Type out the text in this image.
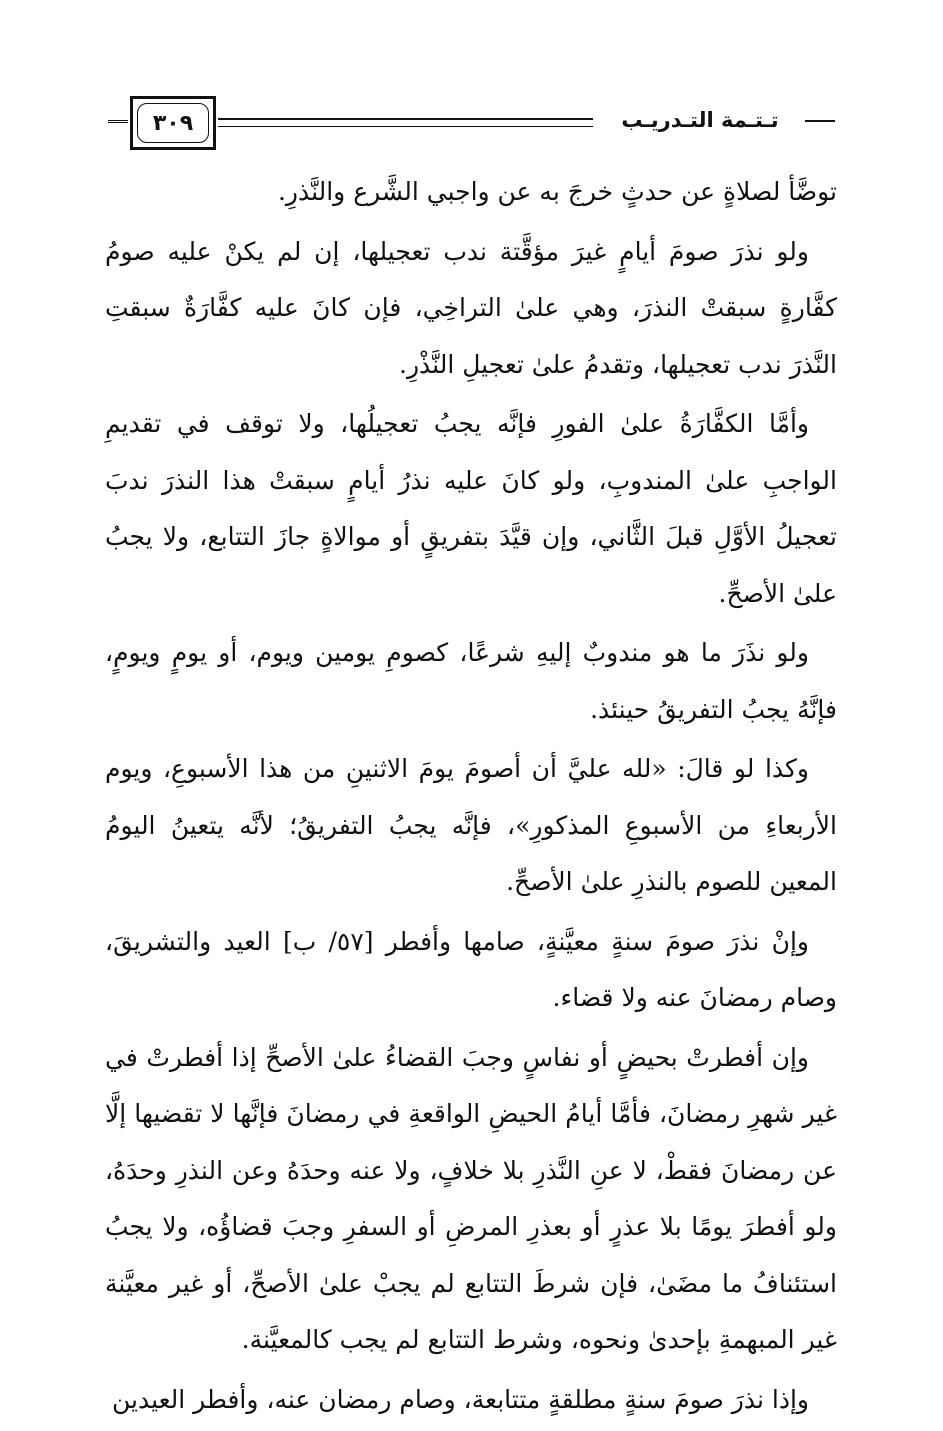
٣٠٩	تـتـمة التـدريـب

توضَّأ لصلاةٍ عن حدثٍ خرجَ به عن واجبي الشَّرع والنَّذرِ.

ولو نذرَ صومَ أيامٍ غيرَ مؤقَّتة ندب تعجيلها، إن لم يكنْ عليه صومُ كفَّارةٍ سبقتْ النذرَ، وهي علىٰ التراخِي، فإن كانَ عليه كفَّارَةٌ سبقتِ النَّذرَ ندب تعجيلها، وتقدمُ علىٰ تعجيلِ النَّذْرِ.

وأمَّا الكفَّارَةُ علىٰ الفورِ فإنَّه يجبُ تعجيلُها، ولا توقف في تقديمِ الواجبِ علىٰ المندوبِ، ولو كانَ عليه نذرُ أيامٍ سبقتْ هذا النذرَ ندبَ تعجيلُ الأوَّلِ قبلَ الثَّاني، وإن قيَّدَ بتفريقٍ أو موالاةٍ جازَ التتابع، ولا يجبُ علىٰ الأصحِّ.

ولو نذَرَ ما هو مندوبٌ إليهِ شرعًا، كصومِ يومين ويوم، أو يومٍ ويومٍ، فإنَّهُ يجبُ التفريقُ حينئذ.

وكذا لو قالَ: «لله عليَّ أن أصومَ يومَ الاثنينِ من هذا الأسبوعِ، ويوم الأربعاءِ من الأسبوعِ المذكورِ»، فإنَّه يجبُ التفريقُ؛ لأنَّه يتعينُ اليومُ المعين للصوم بالنذرِ علىٰ الأصحِّ.

وإنْ نذرَ صومَ سنةٍ معيَّنةٍ، صامها وأفطر [٥٧/ ب] العيد والتشريقَ، وصام رمضانَ عنه ولا قضاء.

وإن أفطرتْ بحيضٍ أو نفاسٍ وجبَ القضاءُ علىٰ الأصحِّ إذا أفطرتْ في غير شهرِ رمضانَ، فأمَّا أيامُ الحيضِ الواقعةِ في رمضانَ فإنَّها لا تقضيها إلَّا عن رمضانَ فقطْ، لا عنِ النَّذرِ بلا خلافٍ، ولا عنه وحدَهُ وعن النذرِ وحدَهُ، ولو أفطرَ يومًا بلا عذرٍ أو بعذرِ المرضِ أو السفرِ وجبَ قضاؤُه، ولا يجبُ استئنافُ ما مضَىٰ، فإن شرطَ التتابع لم يجبْ علىٰ الأصحِّ، أو غير معيَّنة غير المبهمةِ بإحدىٰ ونحوه، وشرط التتابع لم يجب كالمعيَّنة.

وإذا نذرَ صومَ سنةٍ مطلقةٍ متتابعة، وصام رمضان عنه، وأفطر العيدين
